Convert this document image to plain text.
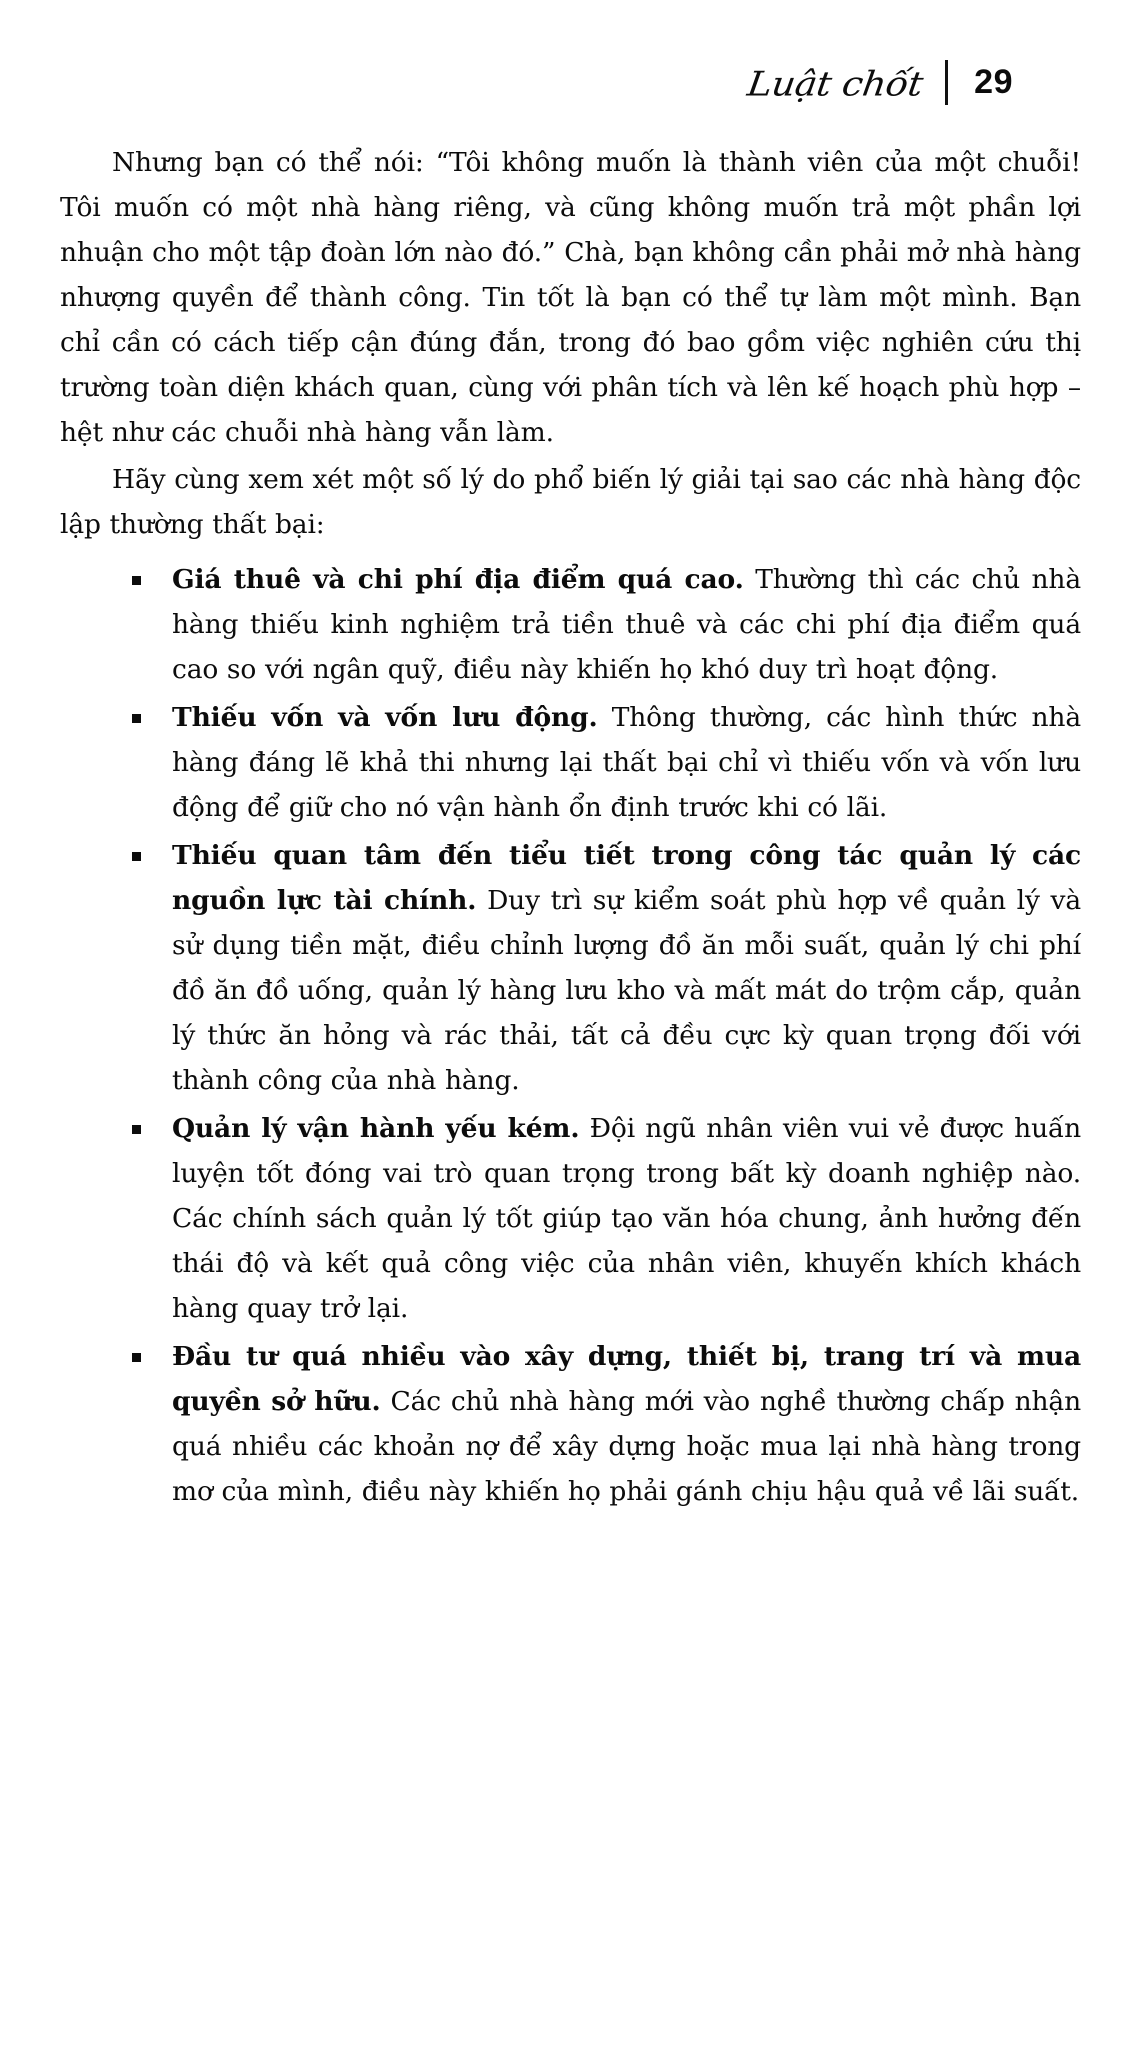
Luật chốt	29

Nhưng bạn có thể nói: “Tôi không muốn là thành viên của một chuỗi! Tôi muốn có một nhà hàng riêng, và cũng không muốn trả một phần lợi nhuận cho một tập đoàn lớn nào đó.” Chà, bạn không cần phải mở nhà hàng nhượng quyền để thành công. Tin tốt là bạn có thể tự làm một mình. Bạn chỉ cần có cách tiếp cận đúng đắn, trong đó bao gồm việc nghiên cứu thị trường toàn diện khách quan, cùng với phân tích và lên kế hoạch phù hợp – hệt như các chuỗi nhà hàng vẫn làm.

Hãy cùng xem xét một số lý do phổ biến lý giải tại sao các nhà hàng độc lập thường thất bại:

Giá thuê và chi phí địa điểm quá cao. Thường thì các chủ nhà hàng thiếu kinh nghiệm trả tiền thuê và các chi phí địa điểm quá cao so với ngân quỹ, điều này khiến họ khó duy trì hoạt động.
Thiếu vốn và vốn lưu động. Thông thường, các hình thức nhà hàng đáng lẽ khả thi nhưng lại thất bại chỉ vì thiếu vốn và vốn lưu động để giữ cho nó vận hành ổn định trước khi có lãi.
Thiếu quan tâm đến tiểu tiết trong công tác quản lý các nguồn lực tài chính. Duy trì sự kiểm soát phù hợp về quản lý và sử dụng tiền mặt, điều chỉnh lượng đồ ăn mỗi suất, quản lý chi phí đồ ăn đồ uống, quản lý hàng lưu kho và mất mát do trộm cắp, quản lý thức ăn hỏng và rác thải, tất cả đều cực kỳ quan trọng đối với thành công của nhà hàng.
Quản lý vận hành yếu kém. Đội ngũ nhân viên vui vẻ được huấn luyện tốt đóng vai trò quan trọng trong bất kỳ doanh nghiệp nào. Các chính sách quản lý tốt giúp tạo văn hóa chung, ảnh hưởng đến thái độ và kết quả công việc của nhân viên, khuyến khích khách hàng quay trở lại.
Đầu tư quá nhiều vào xây dựng, thiết bị, trang trí và mua quyền sở hữu. Các chủ nhà hàng mới vào nghề thường chấp nhận quá nhiều các khoản nợ để xây dựng hoặc mua lại nhà hàng trong mơ của mình, điều này khiến họ phải gánh chịu hậu quả về lãi suất.
